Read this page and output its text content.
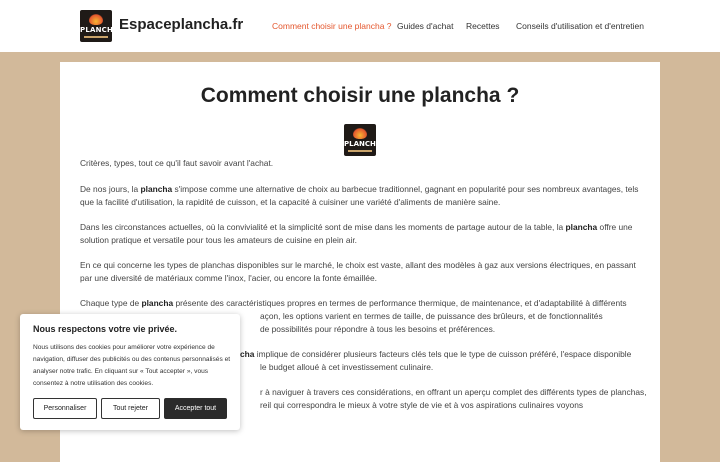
PLANCHA Espaceplancha.fr	Comment choisir une plancha ? Guides d'achat Recettes Conseils d'utilisation et d'entretien
Comment choisir une plancha ?
PLANCHA
Critères, types, tout ce qu'il faut savoir avant l'achat.
De nos jours, la plancha s'impose comme une alternative de choix au barbecue traditionnel, gagnant en popularité pour ses nombreux avantages, tels que la facilité d'utilisation, la rapidité de cuisson, et la capacité à cuisiner une variété d'aliments de manière saine.
Dans les circonstances actuelles, où la convivialité et la simplicité sont de mise dans les moments de partage autour de la table, la plancha offre une solution pratique et versatile pour tous les amateurs de cuisine en plein air.
En ce qui concerne les types de planchas disponibles sur le marché, le choix est vaste, allant des modèles à gaz aux versions électriques, en passant par une diversité de matériaux comme l'inox, l'acier, ou encore la fonte émaillée.
Chaque type de plancha présente des caractéristiques propres en termes de performance thermique, de maintenance, et d'adaptabilité à différents
açon, les options varient en termes de taille, de puissance des brûleurs, et de fonctionnalités
de possibilités pour répondre à tous les besoins et préférences.
cha implique de considérer plusieurs facteurs clés tels que le type de cuisson préféré, l'espace disponible
le budget alloué à cet investissement culinaire.
r à naviguer à travers ces considérations, en offrant un aperçu complet des différents types de planchas,
reil qui correspondra le mieux à votre style de vie et à vos aspirations culinaires voyons
Nous respectons votre vie privée.
Nous utilisons des cookies pour améliorer votre expérience de navigation, diffuser des publicités ou des contenus personnalisés et analyser notre trafic. En cliquant sur « Tout accepter », vous consentez à notre utilisation des cookies.
Personnaliser	Tout rejeter	Accepter tout
